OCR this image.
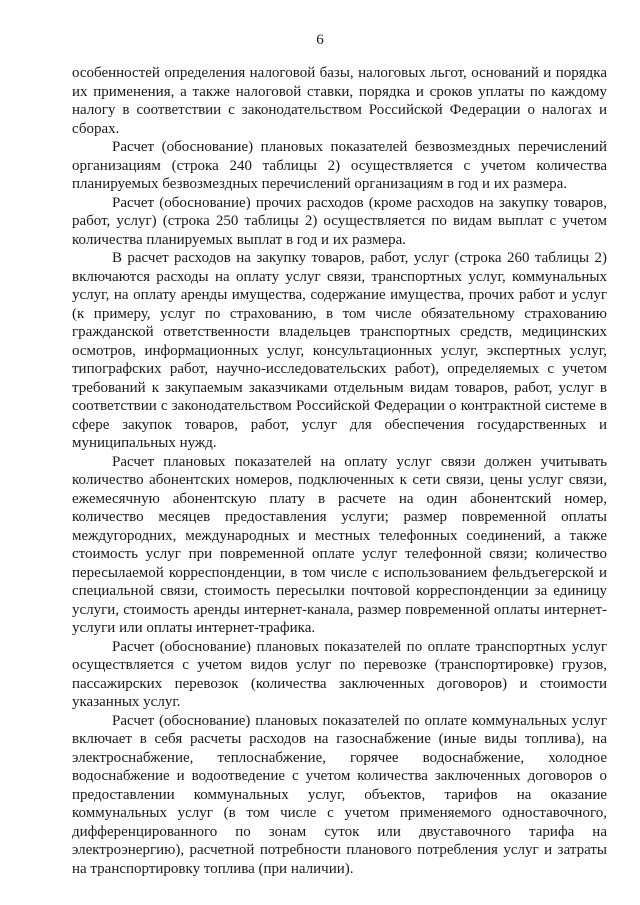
6

особенностей определения налоговой базы, налоговых льгот, оснований и порядка их применения, а также налоговой ставки, порядка и сроков уплаты по каждому налогу в соответствии с законодательством Российской Федерации о налогах и сборах.

Расчет (обоснование) плановых показателей безвозмездных перечислений организациям (строка 240 таблицы 2) осуществляется с учетом количества планируемых безвозмездных перечислений организациям в год и их размера.

Расчет (обоснование) прочих расходов (кроме расходов на закупку товаров, работ, услуг) (строка 250 таблицы 2) осуществляется по видам выплат с учетом количества планируемых выплат в год и их размера.

В расчет расходов на закупку товаров, работ, услуг (строка 260 таблицы 2) включаются расходы на оплату услуг связи, транспортных услуг, коммунальных услуг, на оплату аренды имущества, содержание имущества, прочих работ и услуг (к примеру, услуг по страхованию, в том числе обязательному страхованию гражданской ответственности владельцев транспортных средств, медицинских осмотров, информационных услуг, консультационных услуг, экспертных услуг, типографских работ, научно-исследовательских работ), определяемых с учетом требований к закупаемым заказчиками отдельным видам товаров, работ, услуг в соответствии с законодательством Российской Федерации о контрактной системе в сфере закупок товаров, работ, услуг для обеспечения государственных и муниципальных нужд.

Расчет плановых показателей на оплату услуг связи должен учитывать количество абонентских номеров, подключенных к сети связи, цены услуг связи, ежемесячную абонентскую плату в расчете на один абонентский номер, количество месяцев предоставления услуги; размер повременной оплаты междугородних, международных и местных телефонных соединений, а также стоимость услуг при повременной оплате услуг телефонной связи; количество пересылаемой корреспонденции, в том числе с использованием фельдъегерской и специальной связи, стоимость пересылки почтовой корреспонденции за единицу услуги, стоимость аренды интернет-канала, размер повременной оплаты интернет-услуги или оплаты интернет-трафика.

Расчет (обоснование) плановых показателей по оплате транспортных услуг осуществляется с учетом видов услуг по перевозке (транспортировке) грузов, пассажирских перевозок (количества заключенных договоров) и стоимости указанных услуг.

Расчет (обоснование) плановых показателей по оплате коммунальных услуг включает в себя расчеты расходов на газоснабжение (иные виды топлива), на электроснабжение, теплоснабжение, горячее водоснабжение, холодное водоснабжение и водоотведение с учетом количества заключенных договоров о предоставлении коммунальных услуг, объектов, тарифов на оказание коммунальных услуг (в том числе с учетом применяемого одноставочного, дифференцированного по зонам суток или двуставочного тарифа на электроэнергию), расчетной потребности планового потребления услуг и затраты на транспортировку топлива (при наличии).
